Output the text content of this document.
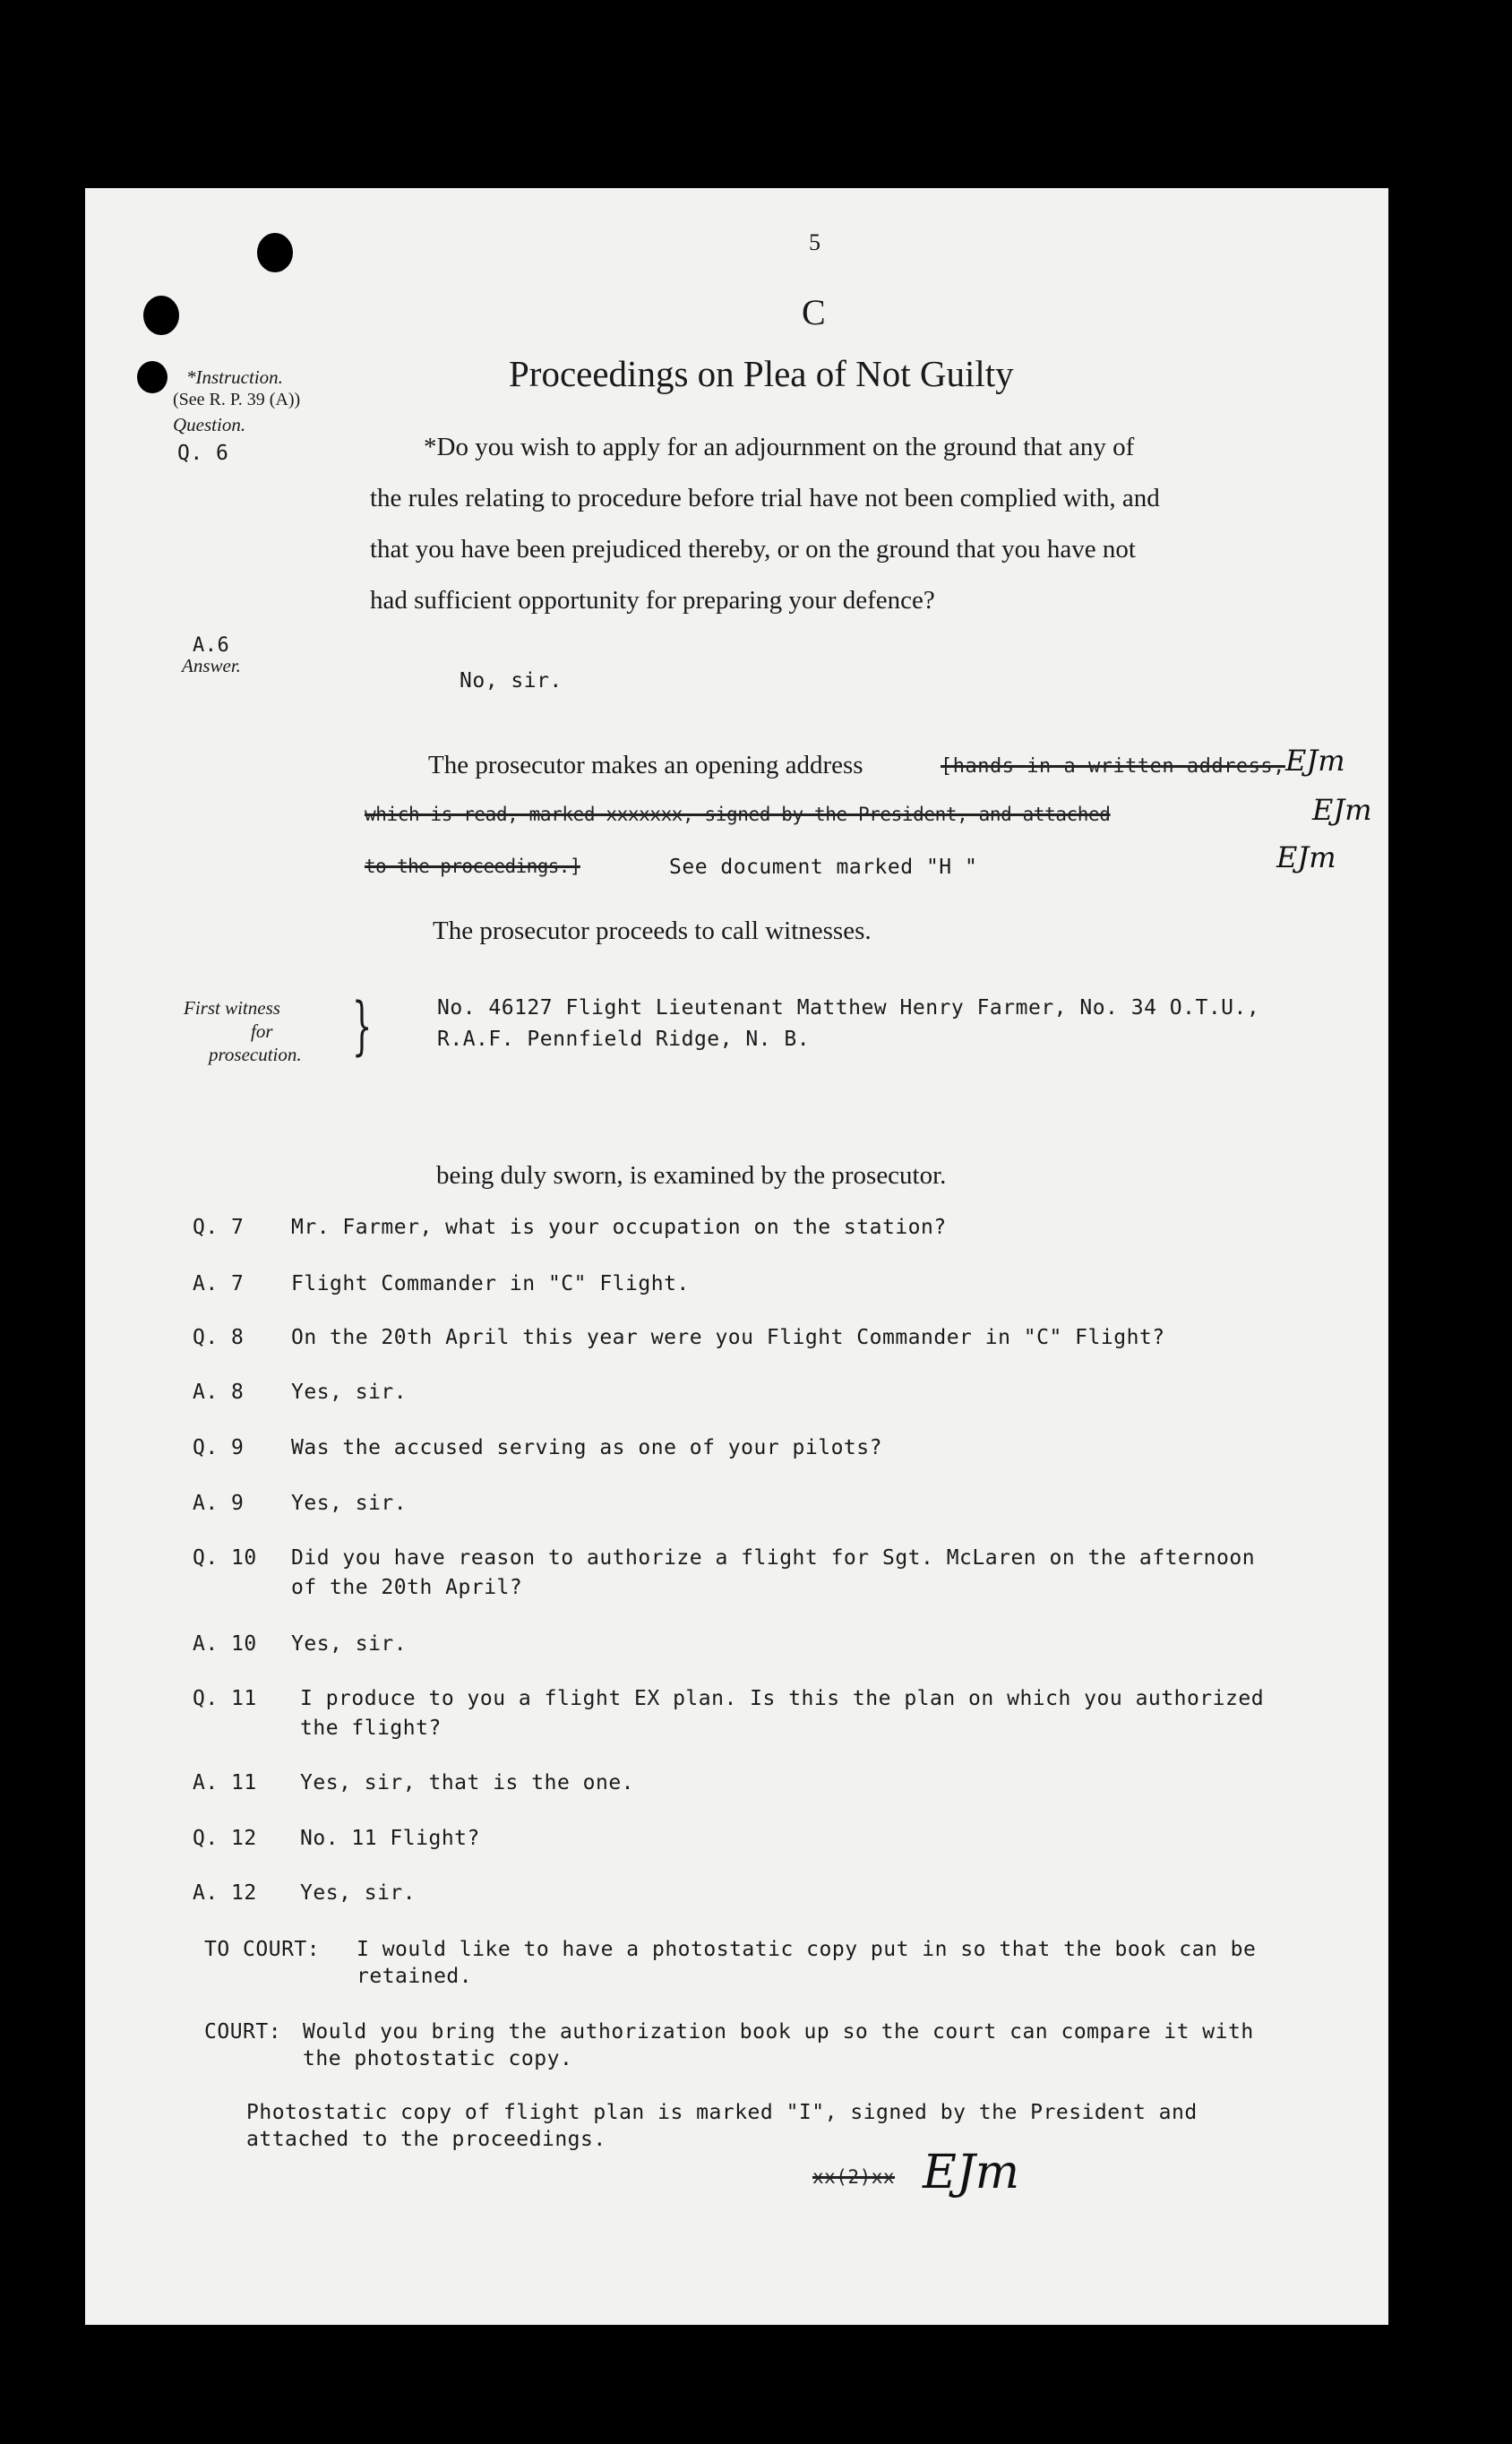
5
C
Proceedings on Plea of Not Guilty
*Instruction.
(See R. P. 39 (A))
Question.
Q. 6	*Do you wish to apply for an adjournment on the ground that any of
the rules relating to procedure before trial have not been complied with, and
that you have been prejudiced thereby, or on the ground that you have not
had sufficient opportunity for preparing your defence?
A.6
Answer.
No, sir.
The prosecutor makes an opening address	[hands in a written address,
which is read, marked xxxxxxx, signed by the President, and attached
to the proceedings.]	See document marked "H "
EJm
EJm
EJm
The prosecutor proceeds to call witnesses.
First witness
for
prosecution. }	No. 46127 Flight Lieutenant Matthew Henry Farmer, No. 34 O.T.U.,
R.A.F. Pennfield Ridge, N. B.
being duly sworn, is examined by the prosecutor.
Q. 7 Mr. Farmer, what is your occupation on the station?
A. 7 Flight Commander in "C" Flight.
Q. 8 On the 20th April this year were you Flight Commander in "C" Flight?
A. 8 Yes, sir.
Q. 9 Was the accused serving as one of your pilots?
A. 9 Yes, sir.
Q. 10 Did you have reason to authorize a flight for Sgt. McLaren on the afternoon
of the 20th April?
A. 10 Yes, sir.
Q. 11 I produce to you a flight EX plan. Is this the plan on which you authorized
the flight?
A. 11 Yes, sir, that is the one.
Q. 12 No. 11 Flight?
A. 12 Yes, sir.
TO COURT: I would like to have a photostatic copy put in so that the book can be
retained.
COURT: Would you bring the authorization book up so the court can compare it with
the photostatic copy.
Photostatic copy of flight plan is marked "I", signed by the President and
attached to the proceedings.
xx(2)xx EJm
